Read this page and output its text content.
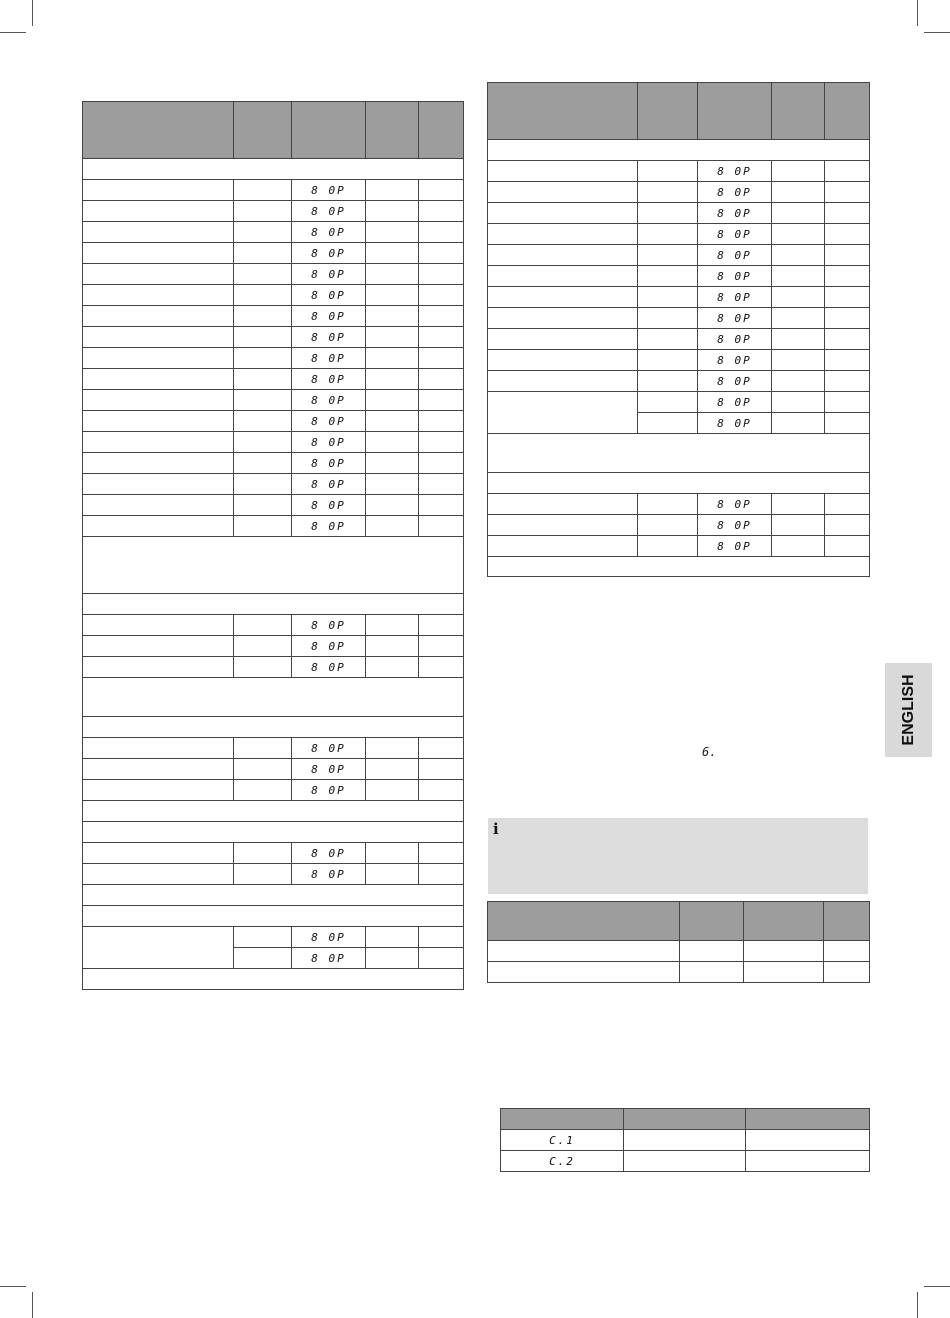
		8 0P		
		8 0P		
		8 0P		
		8 0P		
		8 0P		
		8 0P		
		8 0P		
		8 0P		
		8 0P		
		8 0P		
		8 0P		
		8 0P		
		8 0P		
		8 0P		
		8 0P		
		8 0P		
		8 0P		

		8 0P		
		8 0P		
		8 0P		

		8 0P		
		8 0P		
		8 0P		

		8 0P		
		8 0P		

		8 0P		
		8 0P		

		8 0P		
		8 0P		
		8 0P		
		8 0P		
		8 0P		
		8 0P		
		8 0P		
		8 0P		
		8 0P		
		8 0P		
		8 0P		
		8 0P		
		8 0P		

		8 0P		
		8 0P		
		8 0P		

ENGLISH
6.
i

C.1		
C.2		
